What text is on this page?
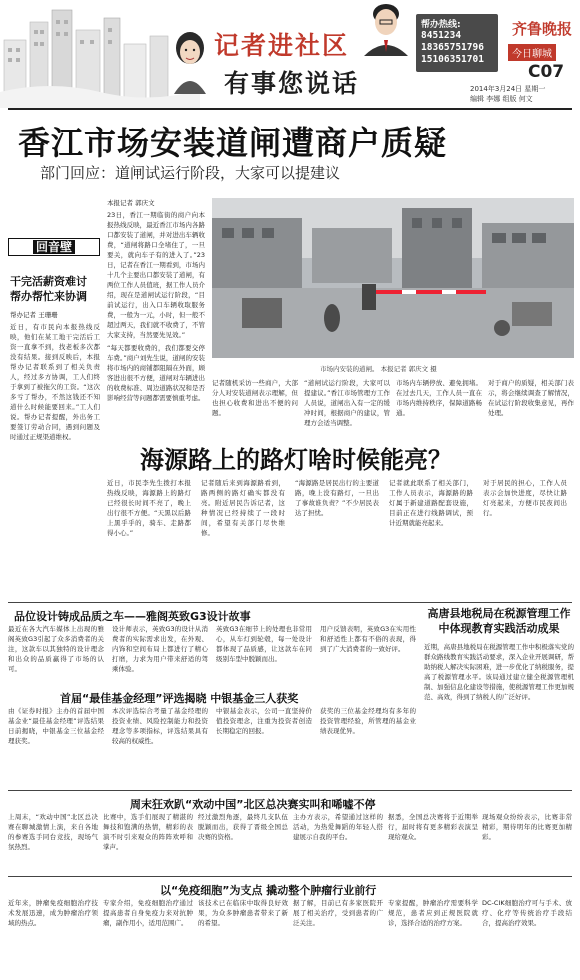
记者进社区
有事您说话
帮办热线:
8451234
18365751796
15106351701
齐鲁晚报
今日聊城
C07
2014年3月24日 星期一
编辑 李娜 组版 何文
香江市场安装道闸遭商户质疑
部门回应：道闸试运行阶段，大家可以提建议
回音壁
干完活薪资难讨 帮办帮忙来协调
帮办记者 王珊珊
近日，有市民向本报热线反映，他们在某工地干完活后工资一直拿不到，找老板多次都没有结果。接到反映后，本报帮办记者联系到了相关负责人，经过多方协调，工人们终于拿到了被拖欠的工资。“这次多亏了帮办，不然这钱还不知道什么时候能要回来。”工人们说。帮办记者提醒，外出务工要签订劳动合同，遇到问题及时通过正规渠道维权。
本报记者 郭庆文
23日，香江一期临街的商户向本报热线反映，最近香江市场内各路口都安装了道闸，并对进出车辆收费，“道闸将路口全堵住了，一旦要关，就向车子有的进入了。”23日，记者在香江一期看到，市场内十几个主要出口都安装了道闸，有两位工作人员值班，据工作人员介绍，现在是道闸试运行阶段，“目前试运行，出入口车辆收取服务费，一般为一元，小时，但一般不超过两天，我们就不收费了，不管大家支持，当然要先见效。”
“每天都要收费的，我们都要交停车费。”商户刘先生说，道闸的安装将市场内的商铺都阻隔在外面，顾客进出很不方便，道闸对车辆进出的收费标准、周边道路状况和是否影响经营等问题都需要慎重考虑。
市场内安装的道闸。 本报记者 郭庆文 摄
记者随机采访一些商户，大部分人对安装道闸表示理解，但也担心收费和进出不便的问题。
“道闸试运行阶段，大家可以提建议。”香江市场管理方工作人员说，道闸出入有一定的缓冲时间，根据商户的建议，管理方会适当调整。
市场内车辆停放、避免拥堵。在过去几天，工作人员一直在市场内维持秩序，保障道路畅通。
对于商户的质疑，相关部门表示，将会继续调查了解情况，在试运行阶段收集意见，再作处理。
海源路上的路灯啥时候能亮？
近日，市民李先生拨打本报热线反映，海源路上的路灯已经很长时间不亮了，晚上出行很不方便。“天黑以后路上黑乎乎的，骑车、走路都得小心。”
记者随后来到海源路看到，路两侧的路灯确实都没有亮。附近居民告诉记者，这种情况已经持续了一段时间，希望有关部门尽快维修。
“海源路是居民出行的主要道路，晚上没有路灯，一旦出了事故谁负责？”不少居民表达了担忧。
记者就此联系了相关部门，工作人员表示，海源路的路灯属于新建道路配套设施，目前正在进行线路调试，预计近期就能亮起来。
对于居民的担心，工作人员表示会加快进度，尽快让路灯亮起来，方便市民夜间出行。
品位设计铸成品质之车——雅阁英致G3设计故事
最近在各大汽车媒体上出现的雅阁英致G3引起了众多消费者的关注，这款车以其独特的设计理念和出众的品质赢得了市场的认可。
设计师表示，英致G3的设计从消费者的实际需求出发，在外观、内饰和空间布局上都进行了精心打磨，力求为用户带来舒适的驾乘体验。
英致G3在细节上的处理也非常用心，从车灯到轮毂，每一处设计都体现了品质感，让这款车在同级别车型中脱颖而出。
用户反馈表明，英致G3在实用性和舒适性上都有不俗的表现，得到了广大消费者的一致好评。
高唐县地税局在税源管理工作中体现教育实践活动成果
近期，高唐县地税局在税源管理工作中积极落实党的群众路线教育实践活动要求，深入企业开展调研，帮助纳税人解决实际困难，进一步优化了纳税服务，提高了税源管理水平。该局通过建立健全税源管理机制、加强信息化建设等措施，使税源管理工作更加规范、高效，得到了纳税人的广泛好评。
首届“最佳基金经理”评选揭晓 中银基金三人获奖
由《证券时报》主办的首届中国基金业“最佳基金经理”评选结果日前揭晓，中银基金三位基金经理获奖。
本次评选综合考量了基金经理的投资业绩、风险控制能力和投资理念等多项指标，评选结果具有较高的权威性。
中银基金表示，公司一直坚持价值投资理念，注重为投资者创造长期稳定的回报。
获奖的三位基金经理均有多年的投资管理经验，所管理的基金业绩表现优异。
周末狂欢趴“欢动中国”北区总决赛实叫和唏嘘不停
上周末，“欢动中国”北区总决赛在聊城激情上演，来自各地的参赛选手同台竞技，现场气氛热烈。
比赛中，选手们展现了精湛的舞技和饱满的热情，精彩的表演不时引来观众的阵阵欢呼和掌声。
经过激烈角逐，最终几支队伍脱颖而出，获得了晋级全国总决赛的资格。
主办方表示，希望通过这样的活动，为热爱舞蹈的年轻人搭建展示自我的平台。
据悉，全国总决赛将于近期举行，届时将有更多精彩表演呈现给观众。
现场观众纷纷表示，比赛非常精彩，期待明年的比赛更加精彩。
以“免疫细胞”为支点 撬动整个肿瘤行业前行
近年来，肿瘤免疫细胞治疗技术发展迅速，成为肿瘤治疗领域的热点。
专家介绍，免疫细胞治疗通过提高患者自身免疫力来对抗肿瘤，副作用小，适用范围广。
该技术已在临床中取得良好效果，为众多肿瘤患者带来了新的希望。
据了解，目前已有多家医院开展了相关治疗，受到患者的广泛关注。
专家提醒，肿瘤治疗需要科学规范，患者应到正规医院就诊，选择合适的治疗方案。
DC-CIK细胞治疗可与手术、放疗、化疗等传统治疗手段结合，提高治疗效果。
